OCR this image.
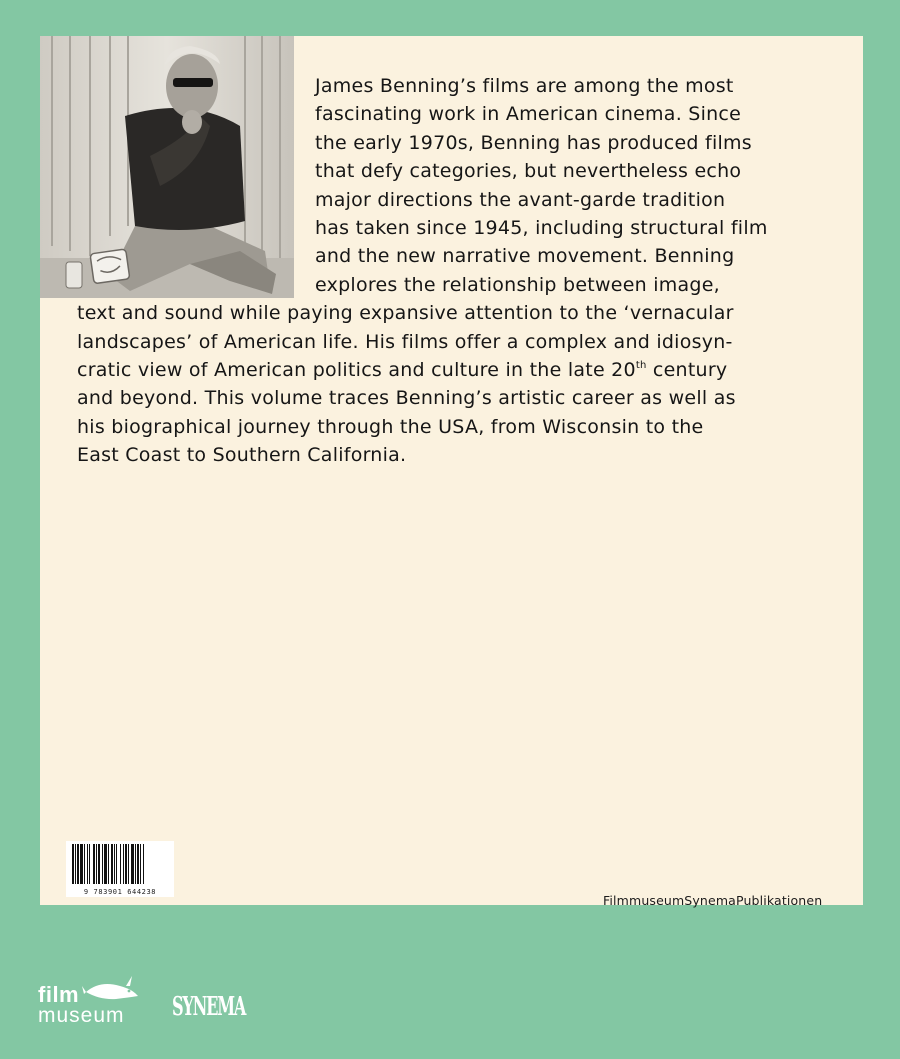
James Benning’s films are among the most
fascinating work in American cinema. Since
the early 1970s, Benning has produced films
that defy categories, but nevertheless echo
major directions the avant-garde tradition
has taken since 1945, including structural film
and the new narrative movement. Benning
explores the relationship between image,
text and sound while paying expansive attention to the ‘vernacular
landscapes’ of American life. His films offer a complex and idiosyn-
cratic view of American politics and culture in the late 20th century
and beyond. This volume traces Benning’s artistic career as well as
his biographical journey through the USA, from Wisconsin to the
East Coast to Southern California.

9 783901 644238
FilmmuseumSynemaPublikationen
film
museum SYNEMA
